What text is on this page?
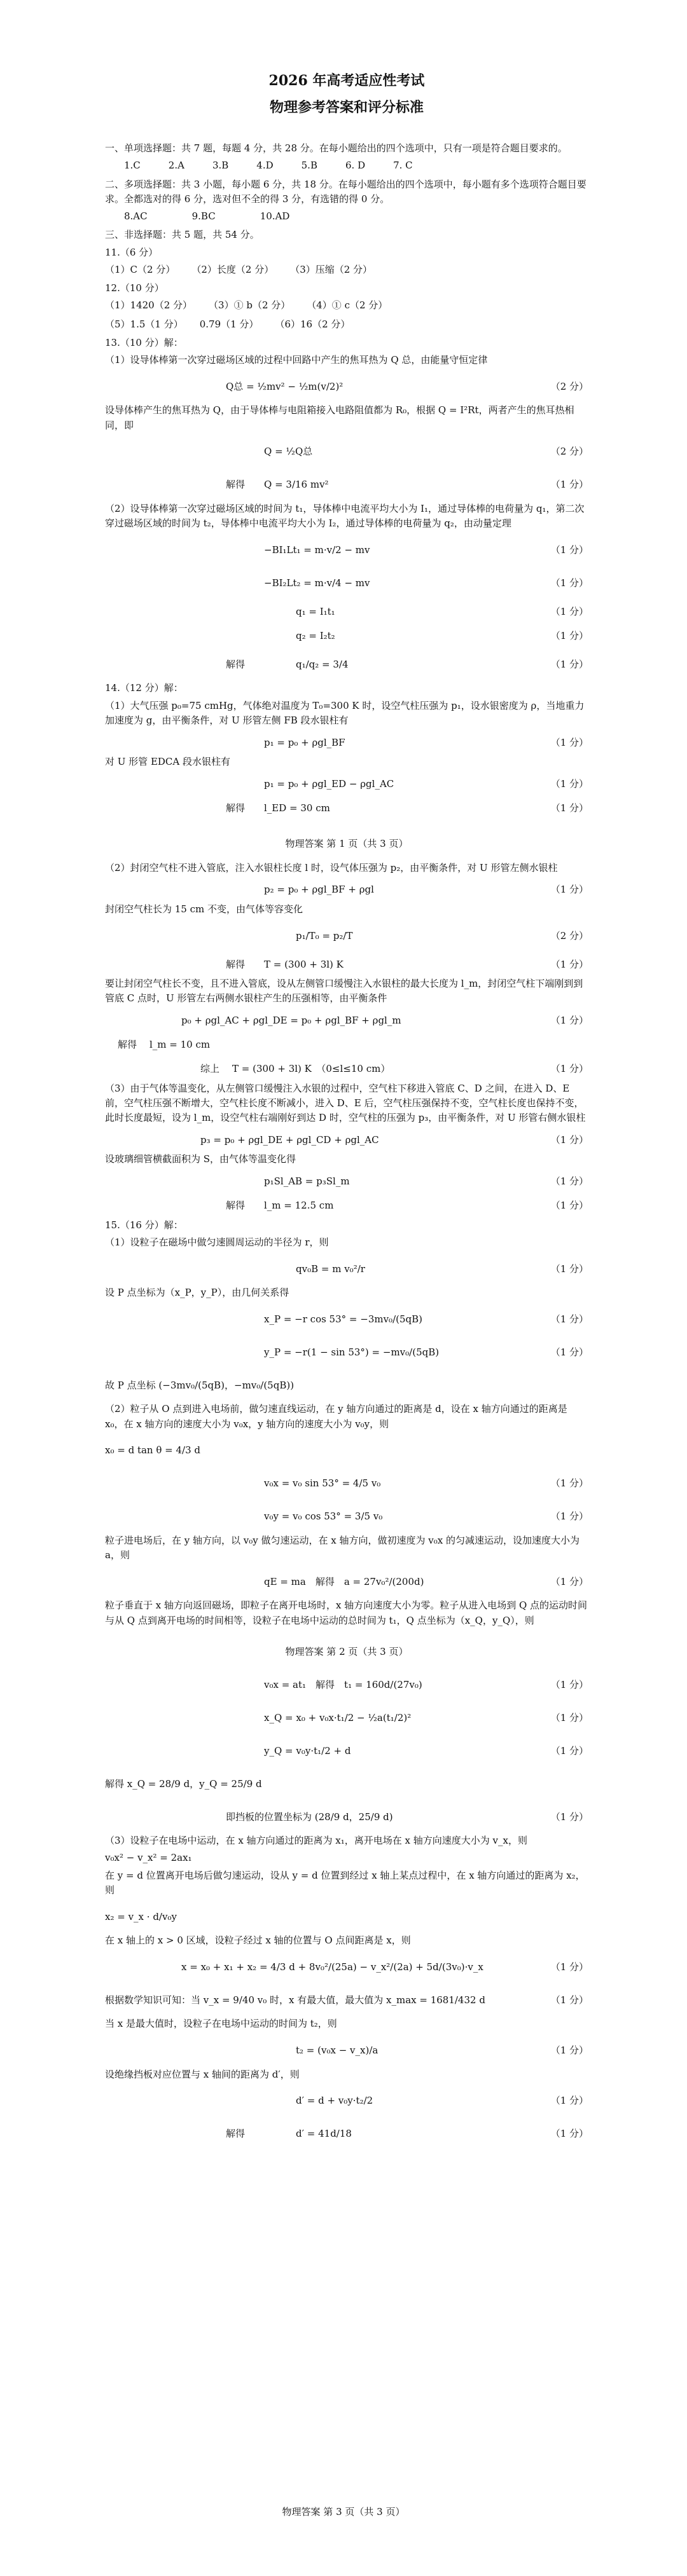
2026 年高考适应性考试
物理参考答案和评分标准

一、单项选择题：共 7 题，每题 4 分，共 28 分。在每小题给出的四个选项中，只有一项是符合题目要求的。

1.C	2.A	3.B	4.D	5.B	6. D	7. C

二、多项选择题：共 3 小题，每小题 6 分，共 18 分。在每小题给出的四个选项中，每小题有多个选项符合题目要求。全都选对的得 6 分，选对但不全的得 3 分，有选错的得 0 分。

8.AC	9.BC	10.AD

三、非选择题：共 5 题，共 54 分。

11.（6 分）

（1）C（2 分） （2）长度（2 分） （3）压缩（2 分）

12.（10 分）

（1）1420（2 分） （3）① b（2 分） （4）① c（2 分）
（5）1.5（1 分） 0.79（1 分） （6）16（2 分）

13.（10 分）解：

（1）设导体棒第一次穿过磁场区域的过程中回路中产生的焦耳热为 Q 总，由能量守恒定律

Q总 = ½mv² − ½m(v/2)²	（2 分）

设导体棒产生的焦耳热为 Q，由于导体棒与电阻箱接入电路阻值都为 R₀，根据 Q = I²Rt，两者产生的焦耳热相同，即

Q = ½Q总	（2 分）
解得 Q = 3/16 mv²	（1 分）

（2）设导体棒第一次穿过磁场区域的时间为 t₁，导体棒中电流平均大小为 I₁，通过导体棒的电荷量为 q₁，第二次穿过磁场区域的时间为 t₂，导体棒中电流平均大小为 I₂，通过导体棒的电荷量为 q₂，由动量定理

−BI₁Lt₁ = m·v/2 − mv	（1 分）
−BI₂Lt₂ = m·v/4 − mv	（1 分）
q₁ = I₁t₁	（1 分）
q₂ = I₂t₂	（1 分）
解得	q₁/q₂ = 3/4	（1 分）

14.（12 分）解：

（1）大气压强 p₀=75 cmHg，气体绝对温度为 T₀=300 K 时，设空气柱压强为 p₁，设水银密度为 ρ，当地重力加速度为 g，由平衡条件，对 U 形管左侧 FB 段水银柱有

p₁ = p₀ + ρgl_BF	（1 分）

对 U 形管 EDCA 段水银柱有

p₁ = p₀ + ρgl_ED − ρgl_AC	（1 分）
解得 l_ED = 30 cm	（1 分）
物理答案 第 1 页（共 3 页）

（2）封闭空气柱不进入管底，注入水银柱长度 l 时，设气体压强为 p₂，由平衡条件，对 U 形管左侧水银柱

p₂ = p₀ + ρgl_BF + ρgl	（1 分）

封闭空气柱长为 15 cm 不变，由气体等容变化

p₁/T₀ = p₂/T	（2 分）
解得 T = (300 + 3l) K	（1 分）

要让封闭空气柱长不变，且不进入管底，设从左侧管口缓慢注入水银柱的最大长度为 l_m，封闭空气柱下端刚到到管底 C 点时，U 形管左右两侧水银柱产生的压强相等，由平衡条件

p₀ + ρgl_AC + ρgl_DE = p₀ + ρgl_BF + ρgl_m	（1 分）
解得 l_m = 10 cm
综上 T = (300 + 3l) K　（0≤l≤10 cm）	（1 分）

（3）由于气体等温变化，从左侧管口缓慢注入水银的过程中，空气柱下移进入管底 C、D 之间，在进入 D、E 前，空气柱压强不断增大，空气柱长度不断减小，进入 D、E 后，空气柱压强保持不变，空气柱长度也保持不变，此时长度最短，设为 l_m，设空气柱右端刚好到达 D 时，空气柱的压强为 p₃，由平衡条件，对 U 形管右侧水银柱

p₃ = p₀ + ρgl_DE + ρgl_CD + ρgl_AC	（1 分）

设玻璃细管横截面积为 S，由气体等温变化得

p₁Sl_AB = p₃Sl_m	（1 分）
解得 l_m = 12.5 cm	（1 分）

15.（16 分）解：

（1）设粒子在磁场中做匀速圆周运动的半径为 r，则

qv₀B = m v₀²/r	（1 分）

设 P 点坐标为（x_P，y_P），由几何关系得

x_P = −r cos 53° = −3mv₀/(5qB)	（1 分）
y_P = −r(1 − sin 53°) = −mv₀/(5qB)	（1 分）
故 P 点坐标 (−3mv₀/(5qB)，−mv₀/(5qB))

（2）粒子从 O 点到进入电场前，做匀速直线运动，在 y 轴方向通过的距离是 d，设在 x 轴方向通过的距离是 x₀，在 x 轴方向的速度大小为 v₀x，y 轴方向的速度大小为 v₀y，则

x₀ = d tan θ = 4/3 d
v₀x = v₀ sin 53° = 4/5 v₀	（1 分）
v₀y = v₀ cos 53° = 3/5 v₀	（1 分）

粒子进电场后，在 y 轴方向，以 v₀y 做匀速运动，在 x 轴方向，做初速度为 v₀x 的匀减速运动，设加速度大小为 a，则

qE = ma　解得　a = 27v₀²/(200d)	（1 分）

粒子垂直于 x 轴方向返回磁场，即粒子在离开电场时，x 轴方向速度大小为零。粒子从进入电场到 Q 点的运动时间与从 Q 点到离开电场的时间相等，设粒子在电场中运动的总时间为 t₁，Q 点坐标为（x_Q，y_Q），则

物理答案 第 2 页（共 3 页）
v₀x = at₁　解得　t₁ = 160d/(27v₀)	（1 分）
x_Q = x₀ + v₀x·t₁/2 − ½a(t₁/2)²	（1 分）
y_Q = v₀y·t₁/2 + d	（1 分）
解得 x_Q = 28/9 d，y_Q = 25/9 d
即挡板的位置坐标为 (28/9 d，25/9 d)	（1 分）

（3）设粒子在电场中运动，在 x 轴方向通过的距离为 x₁，离开电场在 x 轴方向速度大小为 v_x，则

v₀x² − v_x² = 2ax₁

在 y = d 位置离开电场后做匀速运动，设从 y = d 位置到经过 x 轴上某点过程中，在 x 轴方向通过的距离为 x₂，则

x₂ = v_x · d/v₀y

在 x 轴上的 x > 0 区域，设粒子经过 x 轴的位置与 O 点间距离是 x，则

x = x₀ + x₁ + x₂ = 4/3 d + 8v₀²/(25a) − v_x²/(2a) + 5d/(3v₀)·v_x	（1 分）
根据数学知识可知：当 v_x = 9/40 v₀ 时，x 有最大值，最大值为 x_max = 1681/432 d	（1 分）

当 x 是最大值时，设粒子在电场中运动的时间为 t₂，则

t₂ = (v₀x − v_x)/a	（1 分）

设绝缘挡板对应位置与 x 轴间的距离为 d′，则

d′ = d + v₀y·t₂/2	（1 分）
解得	d′ = 41d/18	（1 分）
物理答案 第 3 页（共 3 页）
